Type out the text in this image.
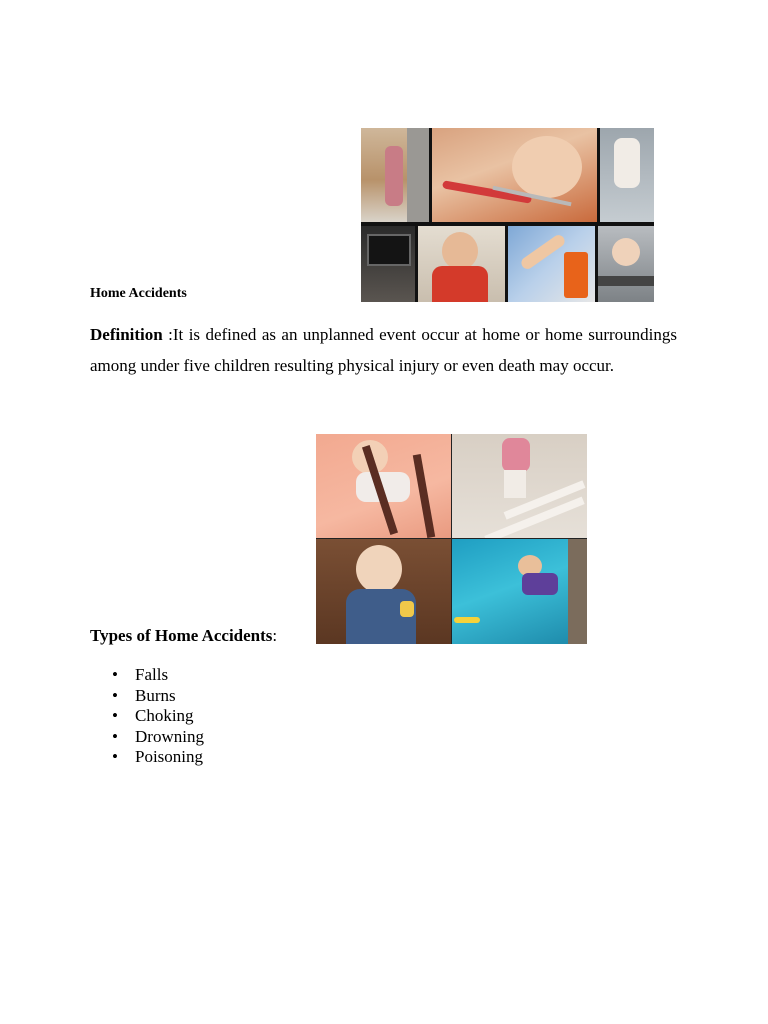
Home Accidents
Definition :It is defined as an unplanned event occur at home or home surroundings among under five children resulting physical injury or even death may occur.
Types of Home Accidents:
• Falls
• Burns
• Choking
• Drowning
• Poisoning
